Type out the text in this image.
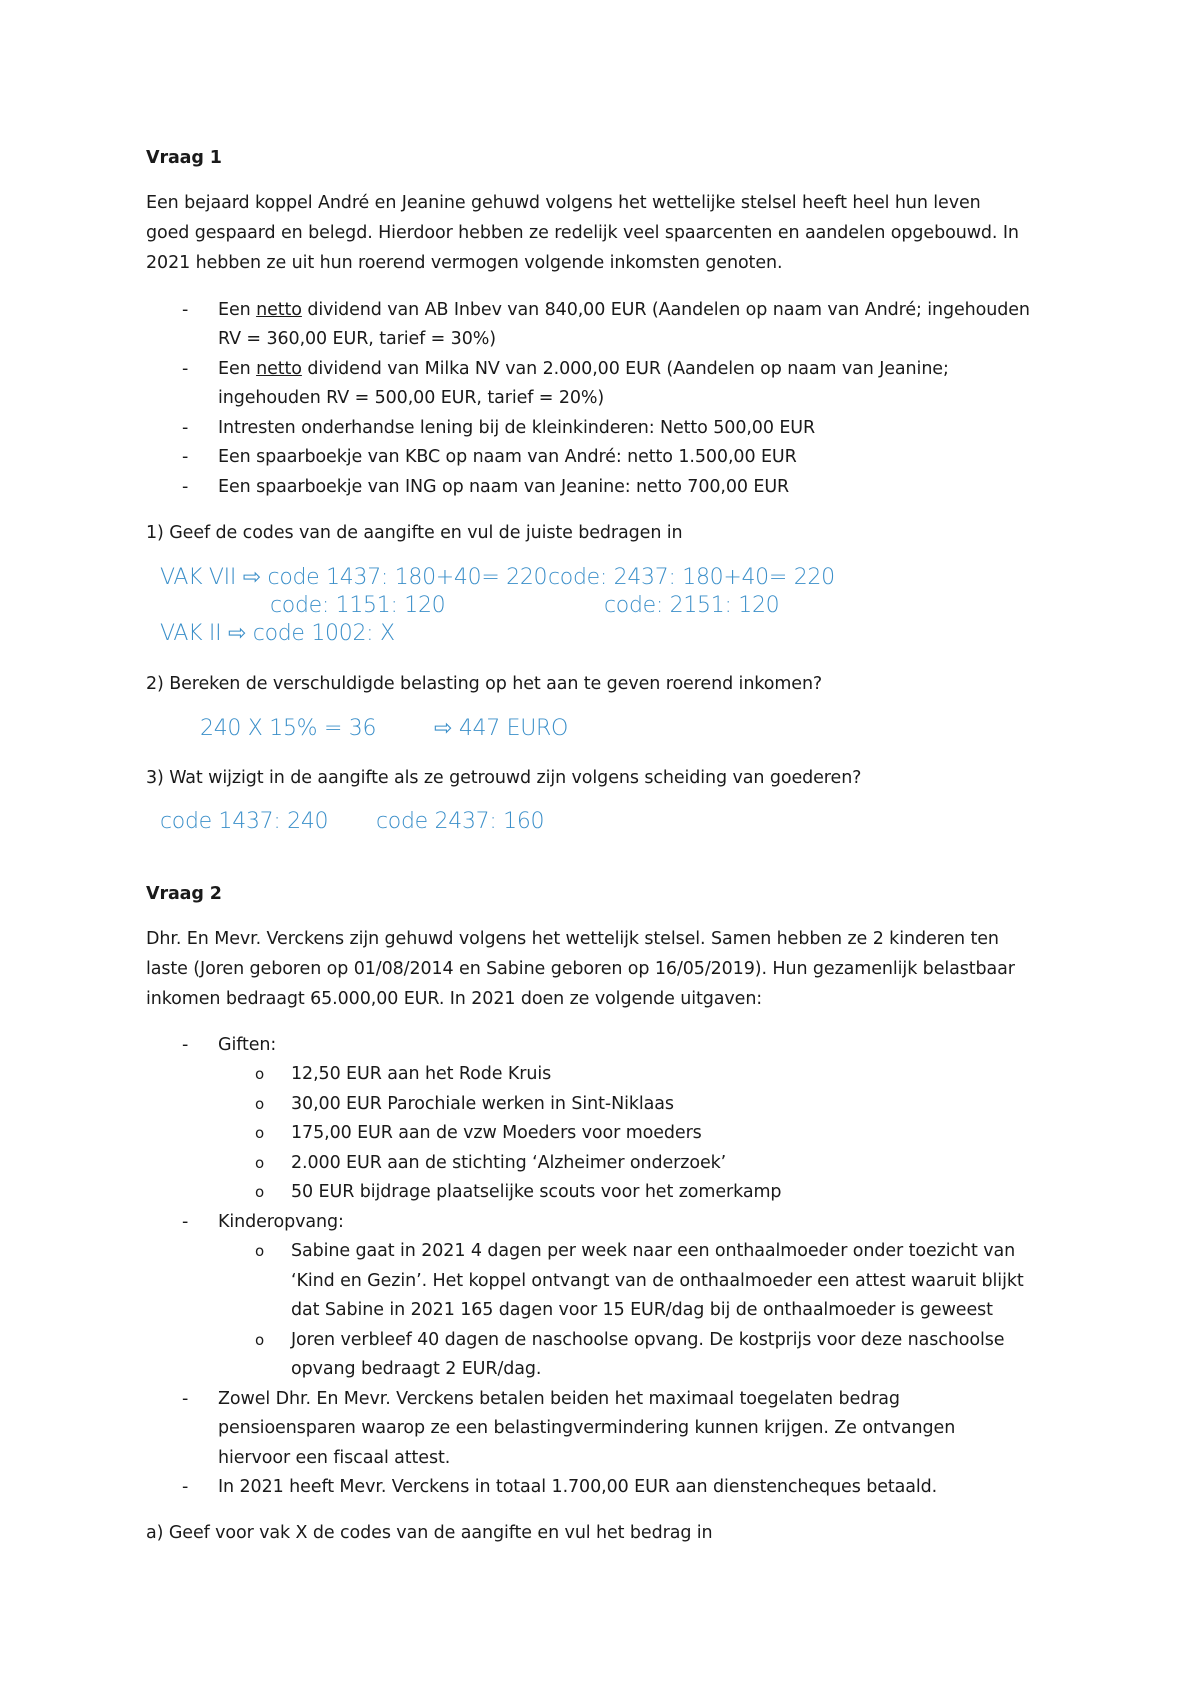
Vraag 1
Een bejaard koppel André en Jeanine gehuwd volgens het wettelijke stelsel heeft heel hun leven
goed gespaard en belegd. Hierdoor hebben ze redelijk veel spaarcenten en aandelen opgebouwd. In
2021 hebben ze uit hun roerend vermogen volgende inkomsten genoten.
- Een netto dividend van AB Inbev van 840,00 EUR (Aandelen op naam van André; ingehouden
RV = 360,00 EUR, tarief = 30%)
- Een netto dividend van Milka NV van 2.000,00 EUR (Aandelen op naam van Jeanine;
ingehouden RV = 500,00 EUR, tarief = 20%)
- Intresten onderhandse lening bij de kleinkinderen: Netto 500,00 EUR
- Een spaarboekje van KBC op naam van André: netto 1.500,00 EUR
- Een spaarboekje van ING op naam van Jeanine: netto 700,00 EUR
1) Geef de codes van de aangifte en vul de juiste bedragen in
VAK VII ⇨ code 1437: 180+40= 220 code: 2437: 180+40= 220
code: 1151: 120	code: 2151: 120
VAK II ⇨ code 1002: X
2) Bereken de verschuldigde belasting op het aan te geven roerend inkomen?
240 X 15% = 36	⇨ 447 EURO
3) Wat wijzigt in de aangifte als ze getrouwd zijn volgens scheiding van goederen?
code 1437: 240 code 2437: 160
Vraag 2
Dhr. En Mevr. Verckens zijn gehuwd volgens het wettelijk stelsel. Samen hebben ze 2 kinderen ten
laste (Joren geboren op 01/08/2014 en Sabine geboren op 16/05/2019). Hun gezamenlijk belastbaar
inkomen bedraagt 65.000,00 EUR. In 2021 doen ze volgende uitgaven:
- Giften:
o 12,50 EUR aan het Rode Kruis
o 30,00 EUR Parochiale werken in Sint-Niklaas
o 175,00 EUR aan de vzw Moeders voor moeders
o 2.000 EUR aan de stichting ‘Alzheimer onderzoek’
o 50 EUR bijdrage plaatselijke scouts voor het zomerkamp
- Kinderopvang:
o Sabine gaat in 2021 4 dagen per week naar een onthaalmoeder onder toezicht van
‘Kind en Gezin’. Het koppel ontvangt van de onthaalmoeder een attest waaruit blijkt
dat Sabine in 2021 165 dagen voor 15 EUR/dag bij de onthaalmoeder is geweest
o Joren verbleef 40 dagen de naschoolse opvang. De kostprijs voor deze naschoolse
opvang bedraagt 2 EUR/dag.
- Zowel Dhr. En Mevr. Verckens betalen beiden het maximaal toegelaten bedrag
pensioensparen waarop ze een belastingvermindering kunnen krijgen. Ze ontvangen
hiervoor een fiscaal attest.
- In 2021 heeft Mevr. Verckens in totaal 1.700,00 EUR aan dienstencheques betaald.
a) Geef voor vak X de codes van de aangifte en vul het bedrag in
